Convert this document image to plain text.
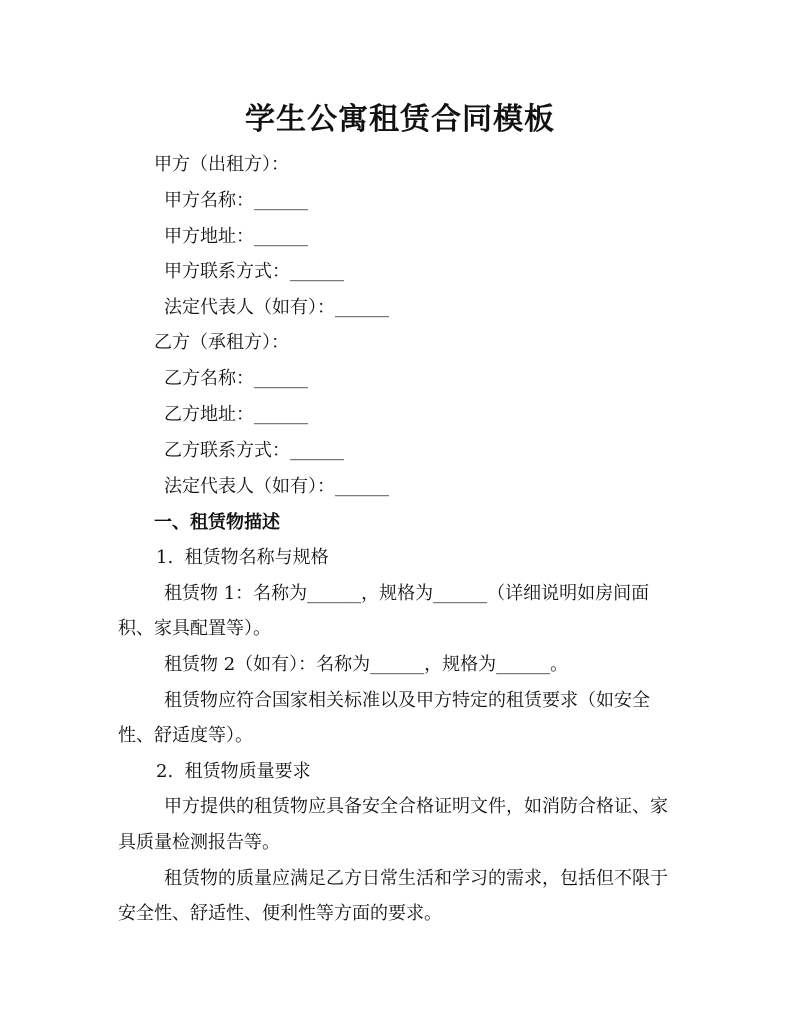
学生公寓租赁合同模板
甲方（出租方）：
甲方名称：______
甲方地址：______
甲方联系方式：______
法定代表人（如有）：______
乙方（承租方）：
乙方名称：______
乙方地址：______
乙方联系方式：______
法定代表人（如有）：______
一、租赁物描述
1.  租赁物名称与规格
租赁物 1：名称为______，规格为______（详细说明如房间面
积、家具配置等）。
租赁物 2（如有）：名称为______，规格为______。
租赁物应符合国家相关标准以及甲方特定的租赁要求（如安全
性、舒适度等）。
2.  租赁物质量要求
甲方提供的租赁物应具备安全合格证明文件，如消防合格证、家
具质量检测报告等。
租赁物的质量应满足乙方日常生活和学习的需求，包括但不限于
安全性、舒适性、便利性等方面的要求。
